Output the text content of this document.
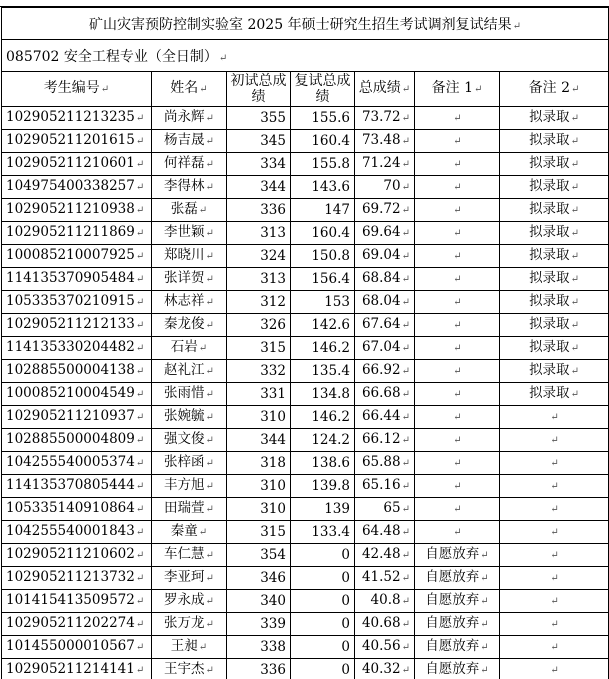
矿山灾害预防控制实验室 2025 年硕士研究生招生考试调剂复试结果↵						
085702 安全工程专业（全日制）↵						
考生编号↵	姓名↵	初试总成绩	复试总成绩	总成绩↵	备注 1↵	备注 2↵
102905211213235↵	尚永辉↵	355	155.6	73.72↵	↵	拟录取↵
102905211201615↵	杨吉晟↵	345	160.4	73.48↵	↵	拟录取↵
102905211210601↵	何祥磊↵	334	155.8	71.24↵	↵	拟录取↵
104975400338257↵	李得林↵	344	143.6	70↵	↵	拟录取↵
102905211210938↵	张磊↵	336	147	69.72↵	↵	拟录取↵
102905211211869↵	李世颖↵	313	160.4	69.64↵	↵	拟录取↵
100085210007925↵	郑晓川↵	324	150.8	69.04↵	↵	拟录取↵
114135370905484↵	张详贺↵	313	156.4	68.84↵	↵	拟录取↵
105335370210915↵	林志祥↵	312	153	68.04↵	↵	拟录取↵
102905211212133↵	秦龙俊↵	326	142.6	67.64↵	↵	拟录取↵
114135330204482↵	石岩↵	315	146.2	67.04↵	↵	拟录取↵
102885500004138↵	赵礼江↵	332	135.4	66.92↵	↵	拟录取↵
100085210004549↵	张雨惜↵	331	134.8	66.68↵	↵	拟录取↵
102905211210937↵	张婉毓↵	310	146.2	66.44↵	↵	↵
102885500004809↵	强文俊↵	344	124.2	66.12↵	↵	↵
104255540005374↵	张梓函↵	318	138.6	65.88↵	↵	↵
114135370805444↵	丰方旭↵	310	139.8	65.16↵	↵	↵
105335140910864↵	田瑞萱↵	310	139	65↵	↵	↵
104255540001843↵	秦童↵	315	133.4	64.48↵	↵	↵
102905211210602↵	车仁慧↵	354	0	42.48↵	自愿放弃↵	↵
102905211213732↵	李亚珂↵	346	0	41.52↵	自愿放弃↵	↵
101415413509572↵	罗永成↵	340	0	40.8↵	自愿放弃↵	↵
102905211202274↵	张万龙↵	339	0	40.68↵	自愿放弃↵	↵
101455000010567↵	王昶↵	338	0	40.56↵	自愿放弃↵	↵
102905211214141↵	王宇杰↵	336	0	40.32↵	自愿放弃↵	↵
